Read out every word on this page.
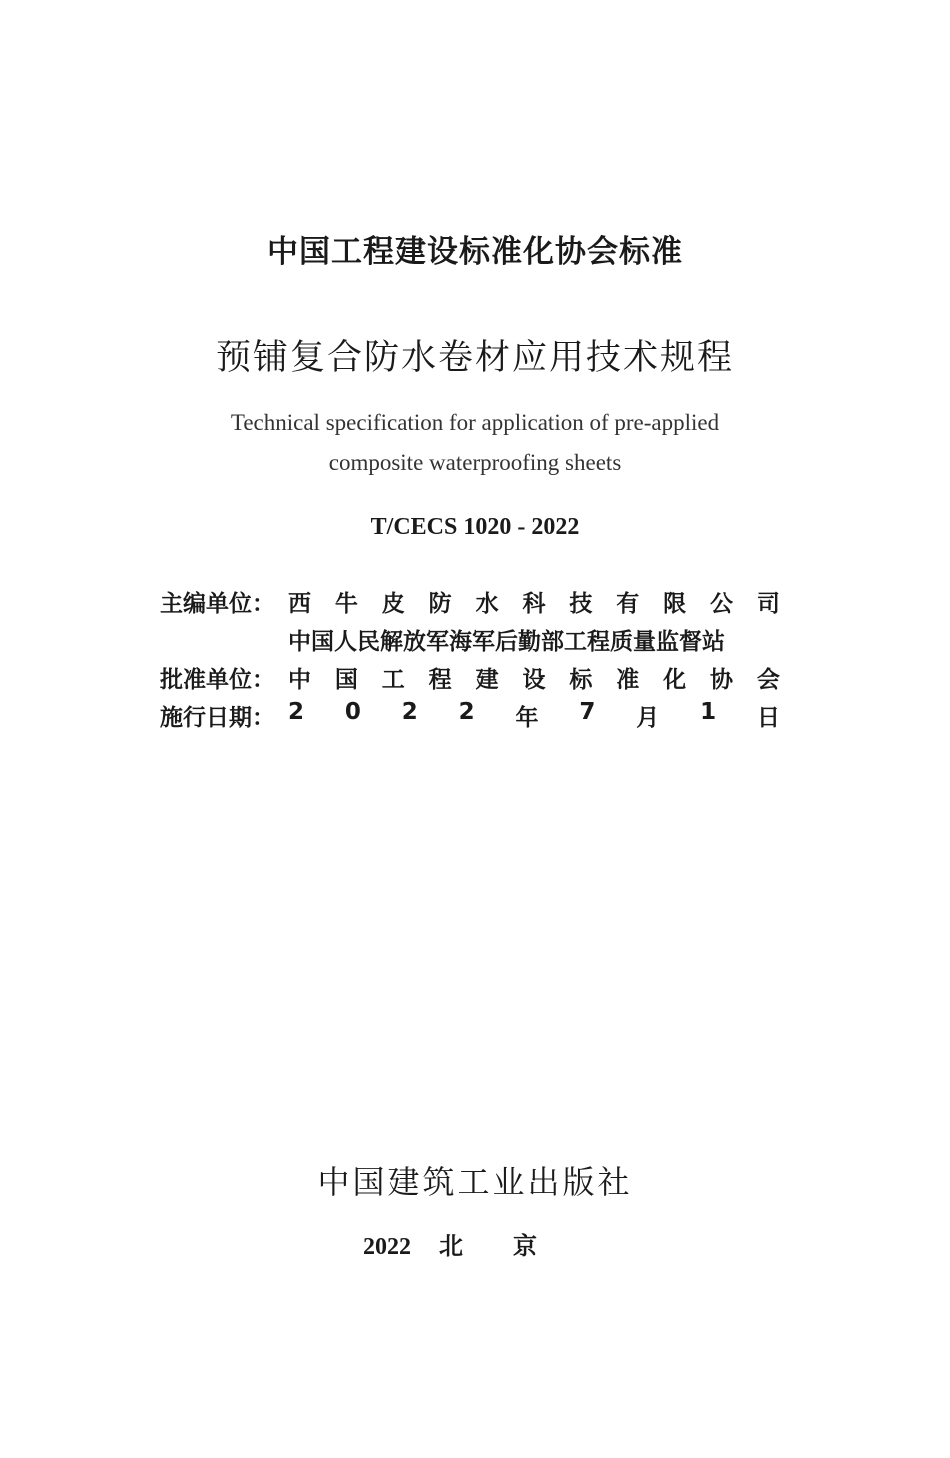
中国工程建设标准化协会标准
预铺复合防水卷材应用技术规程
Technical specification for application of pre-applied
composite waterproofing sheets
T/CECS 1020 - 2022
主编单位： 西 牛 皮 防 水 科 技 有 限 公 司
中国人民解放军海军后勤部工程质量监督站
批准单位： 中 国 工 程 建 设 标 准 化 协 会
施行日期： 2 0 2 2 年 7 月 1 日
中国建筑工业出版社
2022 北京
